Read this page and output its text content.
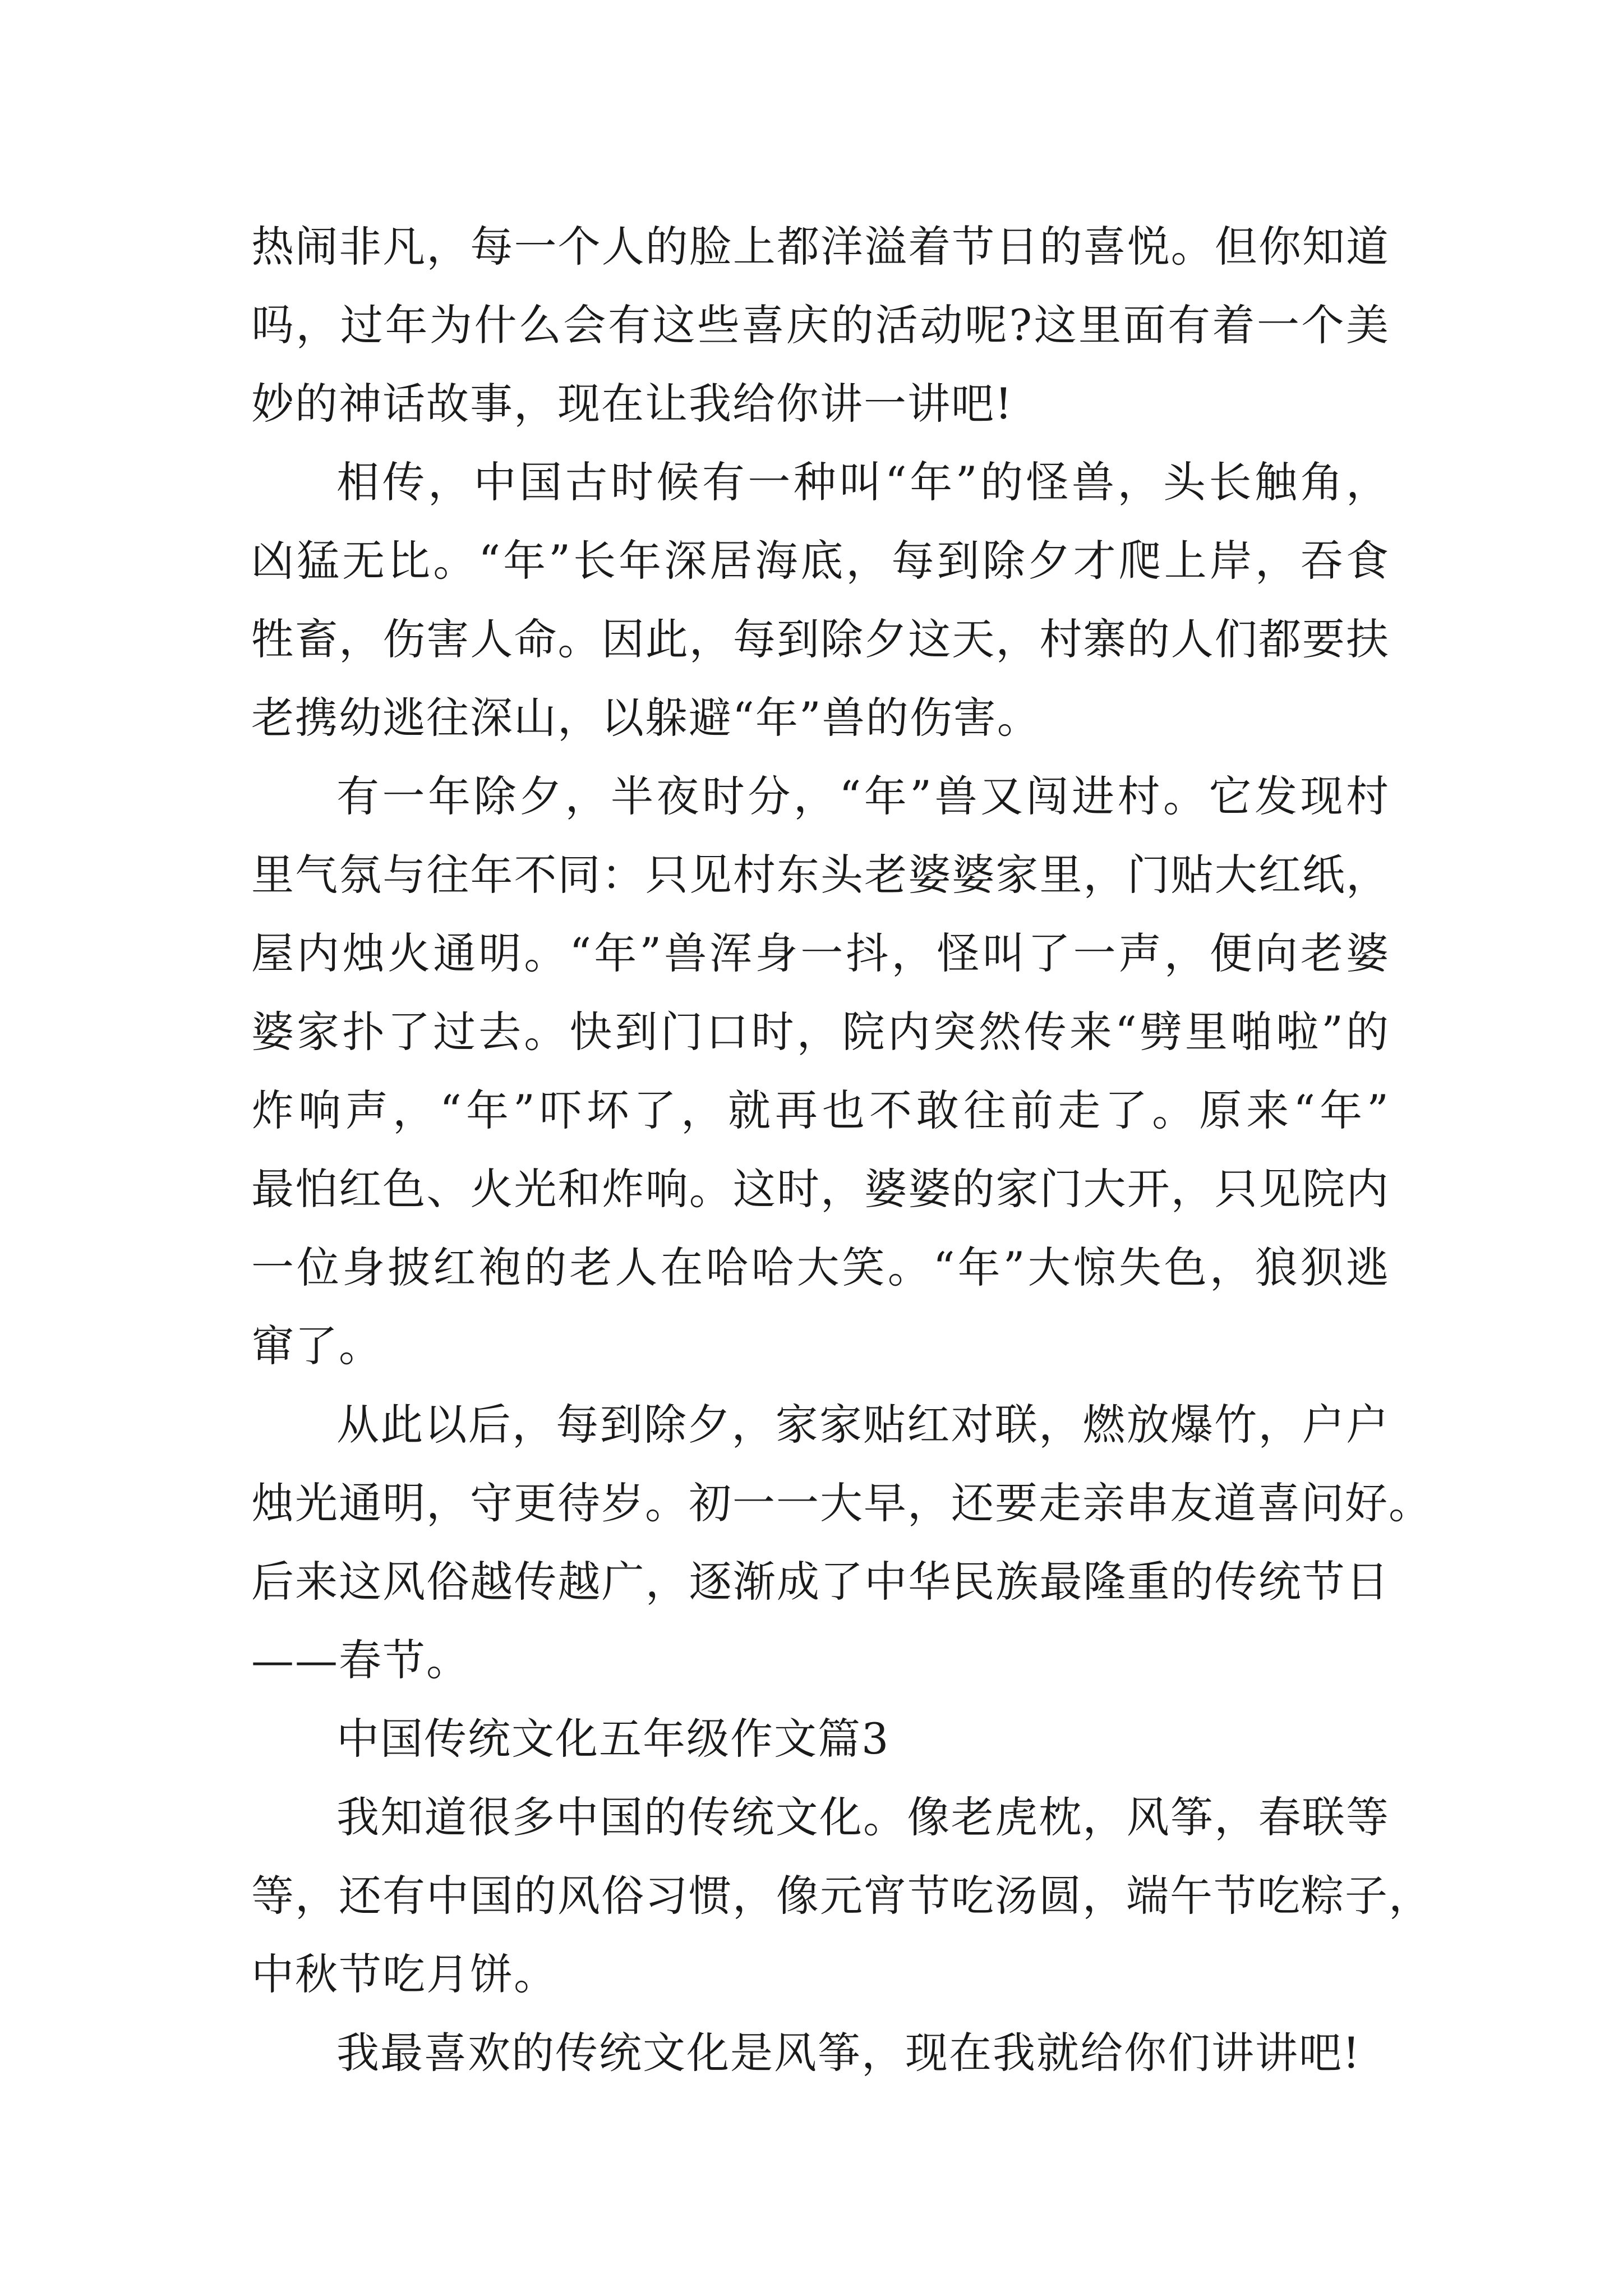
热闹非凡，每一个人的脸上都洋溢着节日的喜悦。但你知道
吗，过年为什么会有这些喜庆的活动呢?这里面有着一个美
妙的神话故事，现在让我给你讲一讲吧!
相传，中国古时候有一种叫“年”的怪兽，头长触角，
凶猛无比。“年”长年深居海底，每到除夕才爬上岸，吞食
牲畜，伤害人命。因此，每到除夕这天，村寨的人们都要扶
老携幼逃往深山，以躲避“年”兽的伤害。
有一年除夕，半夜时分，“年”兽又闯进村。它发现村
里气氛与往年不同：只见村东头老婆婆家里，门贴大红纸，
屋内烛火通明。“年”兽浑身一抖，怪叫了一声，便向老婆
婆家扑了过去。快到门口时，院内突然传来“劈里啪啦”的
炸响声，“年”吓坏了，就再也不敢往前走了。原来“年”
最怕红色、火光和炸响。这时，婆婆的家门大开，只见院内
一位身披红袍的老人在哈哈大笑。“年”大惊失色，狼狈逃
窜了。
从此以后，每到除夕，家家贴红对联，燃放爆竹，户户
烛光通明，守更待岁。初一一大早，还要走亲串友道喜问好。
后来这风俗越传越广，逐渐成了中华民族最隆重的传统节日
——春节。
中国传统文化五年级作文篇3
我知道很多中国的传统文化。像老虎枕，风筝，春联等
等，还有中国的风俗习惯，像元宵节吃汤圆，端午节吃粽子，
中秋节吃月饼。
我最喜欢的传统文化是风筝，现在我就给你们讲讲吧!
